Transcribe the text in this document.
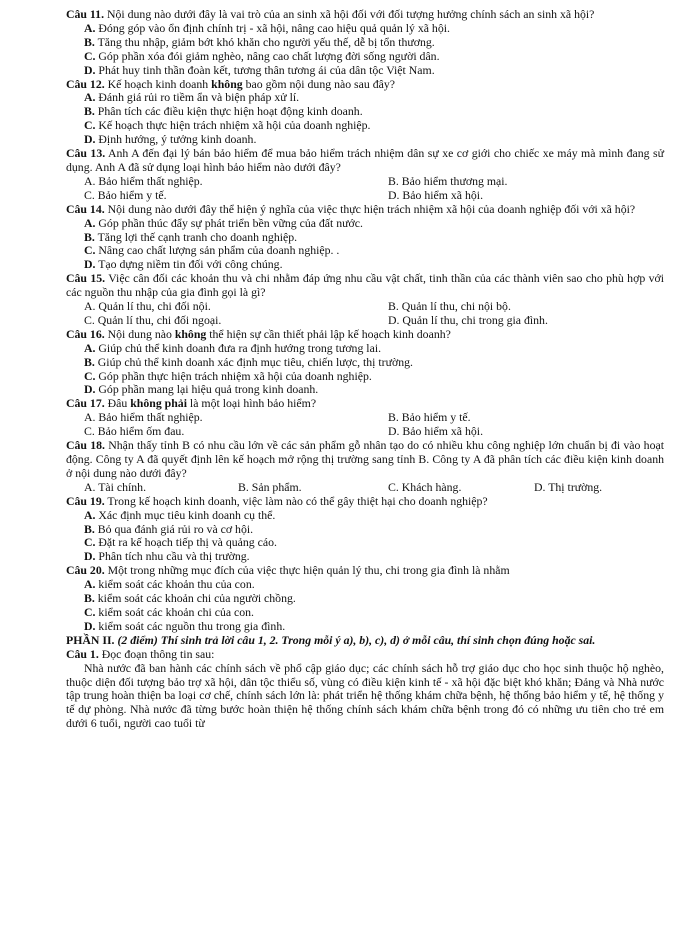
Câu 11. Nội dung nào dưới đây là vai trò của an sinh xã hội đối với đối tượng hưởng chính sách an sinh xã hội?

A. Đóng góp vào ổn định chính trị - xã hội, nâng cao hiệu quả quản lý xã hội.

B. Tăng thu nhập, giảm bớt khó khăn cho người yếu thế, dễ bị tổn thương.

C. Góp phần xóa đói giảm nghèo, nâng cao chất lượng đời sống người dân.

D. Phát huy tinh thần đoàn kết, tương thân tương ái của dân tộc Việt Nam.

Câu 12. Kế hoạch kinh doanh không bao gồm nội dung nào sau đây?

A. Đánh giá rủi ro tiềm ẩn và biện pháp xử lí.

B. Phân tích các điều kiện thực hiện hoạt động kinh doanh.

C. Kế hoạch thực hiện trách nhiệm xã hội của doanh nghiệp.

D. Định hướng, ý tưởng kinh doanh.

Câu 13. Anh A đến đại lý bán bảo hiểm để mua bảo hiểm trách nhiệm dân sự xe cơ giới cho chiếc xe máy mà mình đang sử dụng. Anh A đã sử dụng loại hình bảo hiểm nào dưới đây?

A. Bảo hiểm thất nghiệp.	B. Bảo hiểm thương mại.
C. Bảo hiểm y tế.	D. Bảo hiểm xã hội.

Câu 14. Nội dung nào dưới đây thể hiện ý nghĩa của việc thực hiện trách nhiệm xã hội của doanh nghiệp đối với xã hội?

A. Góp phần thúc đẩy sự phát triển bền vững của đất nước.

B. Tăng lợi thế cạnh tranh cho doanh nghiệp.

C. Nâng cao chất lượng sản phẩm của doanh nghiệp. .

D. Tạo dựng niềm tin đối với công chúng.

Câu 15. Việc cân đối các khoản thu và chi nhằm đáp ứng nhu cầu vật chất, tinh thần của các thành viên sao cho phù hợp với các nguồn thu nhập của gia đình gọi là gì?

A. Quản lí thu, chi đối nội.	B. Quản lí thu, chi nội bộ.
C. Quản lí thu, chi đối ngoại.	D. Quản lí thu, chi trong gia đình.

Câu 16. Nội dung nào không thể hiện sự cần thiết phải lập kế hoạch kinh doanh?

A. Giúp chủ thể kinh doanh đưa ra định hướng trong tương lai.

B. Giúp chủ thể kinh doanh xác định mục tiêu, chiến lược, thị trường.

C. Góp phần thực hiện trách nhiệm xã hội của doanh nghiệp.

D. Góp phần mang lại hiệu quả trong kinh doanh.

Câu 17. Đâu không phải là một loại hình bảo hiểm?

A. Bảo hiểm thất nghiệp.	B. Bảo hiểm y tế.
C. Bảo hiểm ốm đau.	D. Bảo hiểm xã hội.

Câu 18. Nhận thấy tỉnh B có nhu cầu lớn về các sản phẩm gỗ nhân tạo do có nhiều khu công nghiệp lớn chuẩn bị đi vào hoạt động. Công ty A đã quyết định lên kế hoạch mở rộng thị trường sang tỉnh B. Công ty A đã phân tích các điều kiện kinh doanh ở nội dung nào dưới đây?

A. Tài chính.	B. Sản phẩm.	C. Khách hàng.	D. Thị trường.

Câu 19. Trong kế hoạch kinh doanh, việc làm nào có thể gây thiệt hại cho doanh nghiệp?

A. Xác định mục tiêu kinh doanh cụ thể.

B. Bỏ qua đánh giá rủi ro và cơ hội.

C. Đặt ra kế hoạch tiếp thị và quảng cáo.

D. Phân tích nhu cầu và thị trường.

Câu 20. Một trong những mục đích của việc thực hiện quản lý thu, chi trong gia đình là nhằm

A. kiểm soát các khoản thu của con.

B. kiểm soát các khoản chi của người chồng.

C. kiểm soát các khoản chi của con.

D. kiểm soát các nguồn thu trong gia đình.

PHẦN II. (2 điểm) Thí sinh trả lời câu 1, 2. Trong mỗi ý a), b), c), d) ở mỗi câu, thí sinh chọn đúng hoặc sai.

Câu 1. Đọc đoạn thông tin sau:

Nhà nước đã ban hành các chính sách về phổ cập giáo dục; các chính sách hỗ trợ giáo dục cho học sinh thuộc hộ nghèo, thuộc diện đối tượng bảo trợ xã hội, dân tộc thiểu số, vùng có điều kiện kinh tế - xã hội đặc biệt khó khăn; Đảng và Nhà nước tập trung hoàn thiện ba loại cơ chế, chính sách lớn là: phát triển hệ thống khám chữa bệnh, hệ thống bảo hiểm y tế, hệ thống y tế dự phòng. Nhà nước đã từng bước hoàn thiện hệ thống chính sách khám chữa bệnh trong đó có những ưu tiên cho trẻ em dưới 6 tuổi, người cao tuổi từ
